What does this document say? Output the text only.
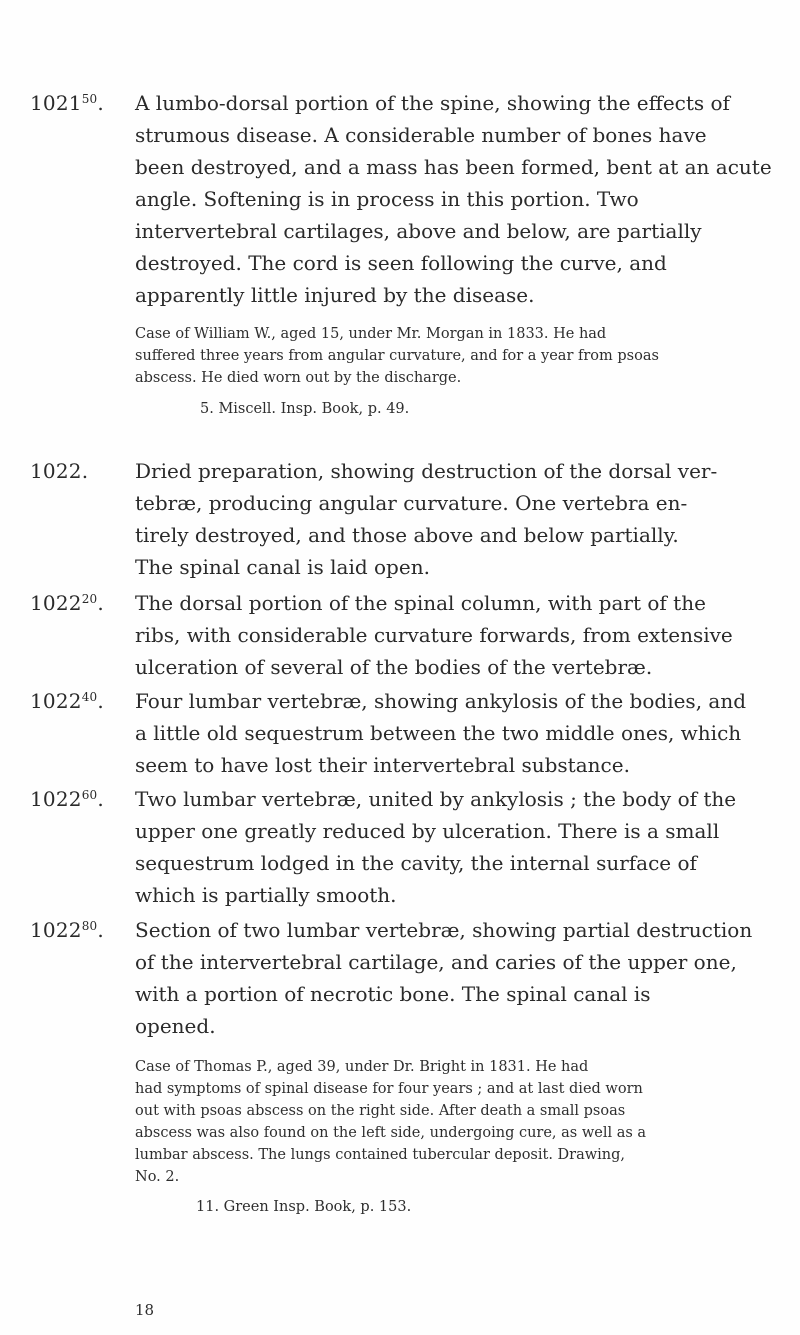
1021$^{50}$. A lumbo-dorsal portion of the spine, showing the effects of
strumous disease. A considerable number of bones have
been destroyed, and a mass has been formed, bent at an acute
angle. Softening is in process in this portion. Two
intervertebral cartilages, above and below, are partially
destroyed. The cord is seen following the curve, and
apparently little injured by the disease.
Case of William W., aged 15, under Mr. Morgan in 1833. He had
suffered three years from angular curvature, and for a year from psoas
abscess. He died worn out by the discharge.
5. Miscell. Insp. Book, p. 49.
1022. Dried preparation, showing destruction of the dorsal ver-
tebræ, producing angular curvature. One vertebra en-
tirely destroyed, and those above and below partially.
The spinal canal is laid open.
1022$^{20}$. The dorsal portion of the spinal column, with part of the
ribs, with considerable curvature forwards, from extensive
ulceration of several of the bodies of the vertebræ.
1022$^{40}$. Four lumbar vertebræ, showing ankylosis of the bodies, and
a little old sequestrum between the two middle ones, which
seem to have lost their intervertebral substance.
1022$^{60}$. Two lumbar vertebræ, united by ankylosis ; the body of the
upper one greatly reduced by ulceration. There is a small
sequestrum lodged in the cavity, the internal surface of
which is partially smooth.
1022$^{80}$. Section of two lumbar vertebræ, showing partial destruction
of the intervertebral cartilage, and caries of the upper one,
with a portion of necrotic bone. The spinal canal is
opened.
Case of Thomas P., aged 39, under Dr. Bright in 1831. He had
had symptoms of spinal disease for four years ; and at last died worn
out with psoas abscess on the right side. After death a small psoas
abscess was also found on the left side, undergoing cure, as well as a
lumbar abscess. The lungs contained tubercular deposit. Drawing,
No. 2.
11. Green Insp. Book, p. 153.
18
